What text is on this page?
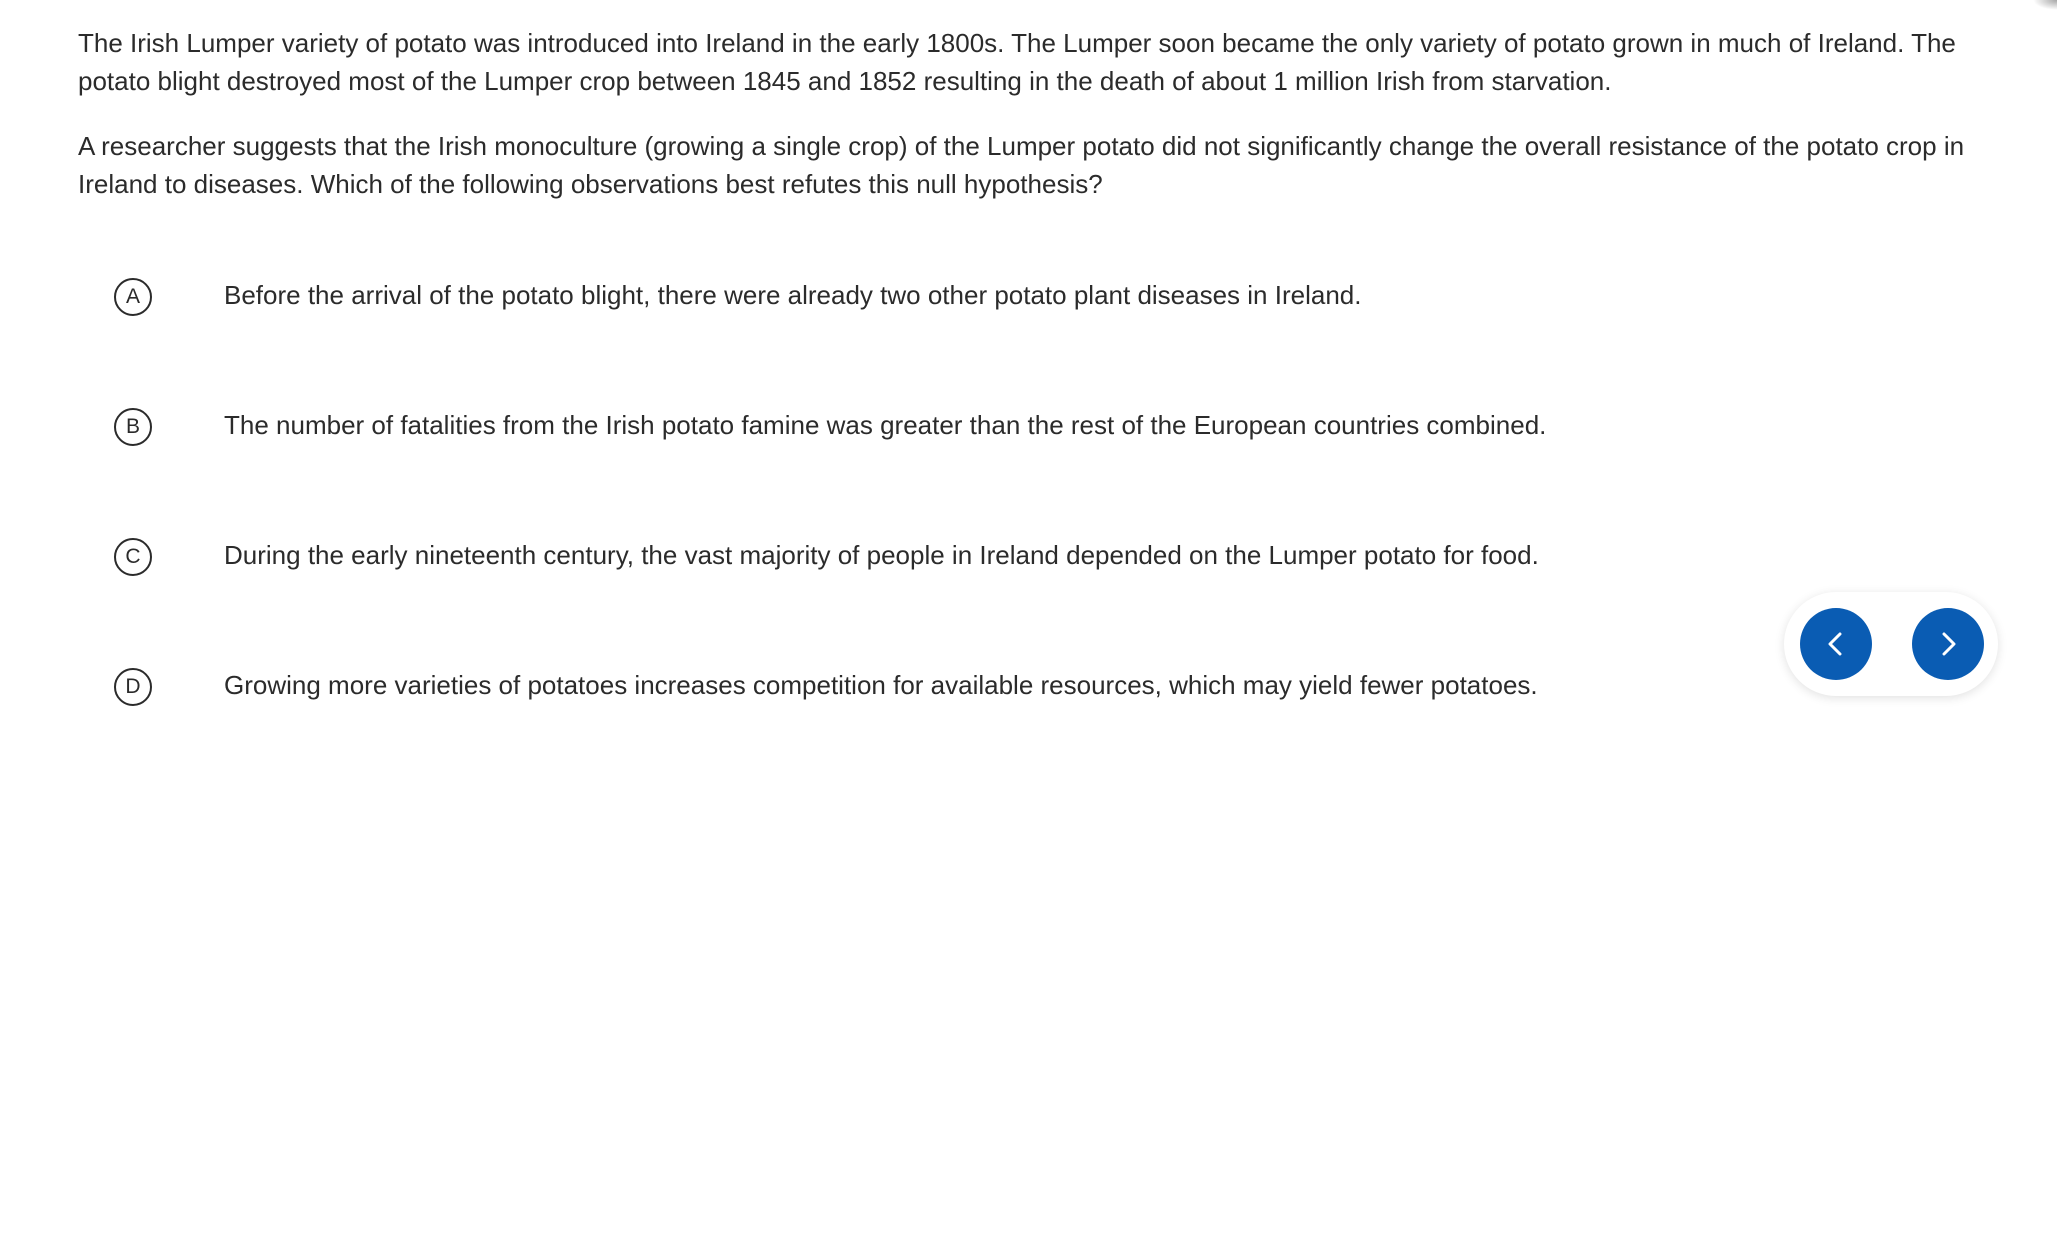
The Irish Lumper variety of potato was introduced into Ireland in the early 1800s. The Lumper soon became the only variety of potato grown in much of Ireland. The potato blight destroyed most of the Lumper crop between 1845 and 1852 resulting in the death of about 1 million Irish from starvation.

A researcher suggests that the Irish monoculture (growing a single crop) of the Lumper potato did not significantly change the overall resistance of the potato crop in Ireland to diseases. Which of the following observations best refutes this null hypothesis?

A	Before the arrival of the potato blight, there were already two other potato plant diseases in Ireland.
B	The number of fatalities from the Irish potato famine was greater than the rest of the European countries combined.
C	During the early nineteenth century, the vast majority of people in Ireland depended on the Lumper potato for food.
D	Growing more varieties of potatoes increases competition for available resources, which may yield fewer potatoes.
